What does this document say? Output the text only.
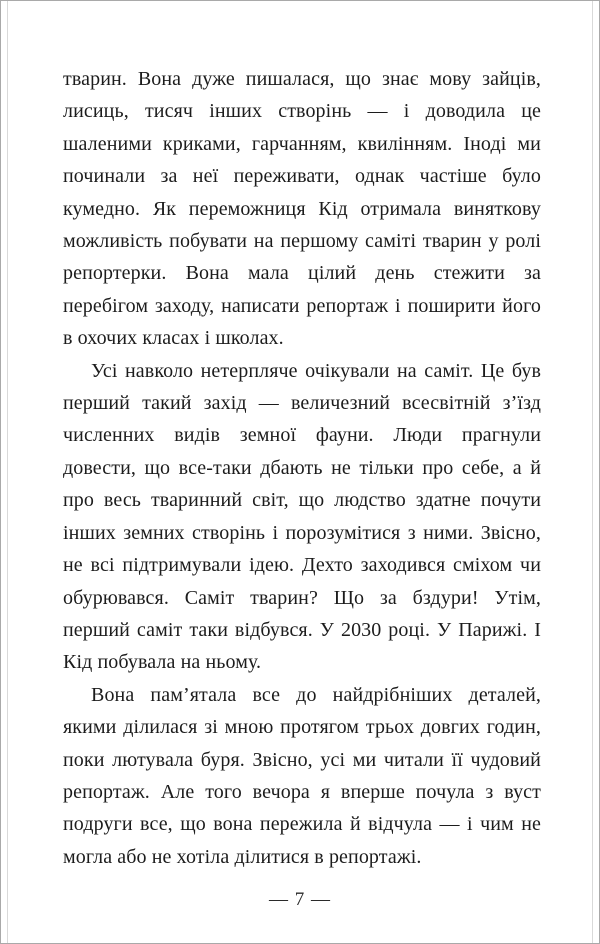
тварин. Вона дуже пишалася, що знає мову зайців, лисиць, тисяч інших створінь — і доводила це шаленими криками, гарчанням, квилінням. Іноді ми починали за неї переживати, однак частіше було кумедно. Як переможниця Кід отримала виняткову можливість побувати на першому саміті тварин у ролі репортерки. Вона мала цілий день стежити за перебігом заходу, написати репортаж і поширити його в охочих класах і школах.

Усі навколо нетерпляче очікували на саміт. Це був перший такий захід — величезний всесвітній з’їзд численних видів земної фауни. Люди прагнули довести, що все-таки дбають не тільки про себе, а й про весь тваринний світ, що людство здатне почути інших земних створінь і порозумітися з ними. Звісно, не всі підтримували ідею. Дехто заходився сміхом чи обурювався. Саміт тварин? Що за бздури! Утім, перший саміт таки відбувся. У 2030 році. У Парижі. І Кід побувала на ньому.

Вона пам’ятала все до найдрібніших деталей, якими ділилася зі мною протягом трьох довгих годин, поки лютувала буря. Звісно, усі ми читали її чудовий репортаж. Але того вечора я вперше почула з вуст подруги все, що вона пережила й відчула — і чим не могла або не хотіла ділитися в репортажі.

— 7 —
